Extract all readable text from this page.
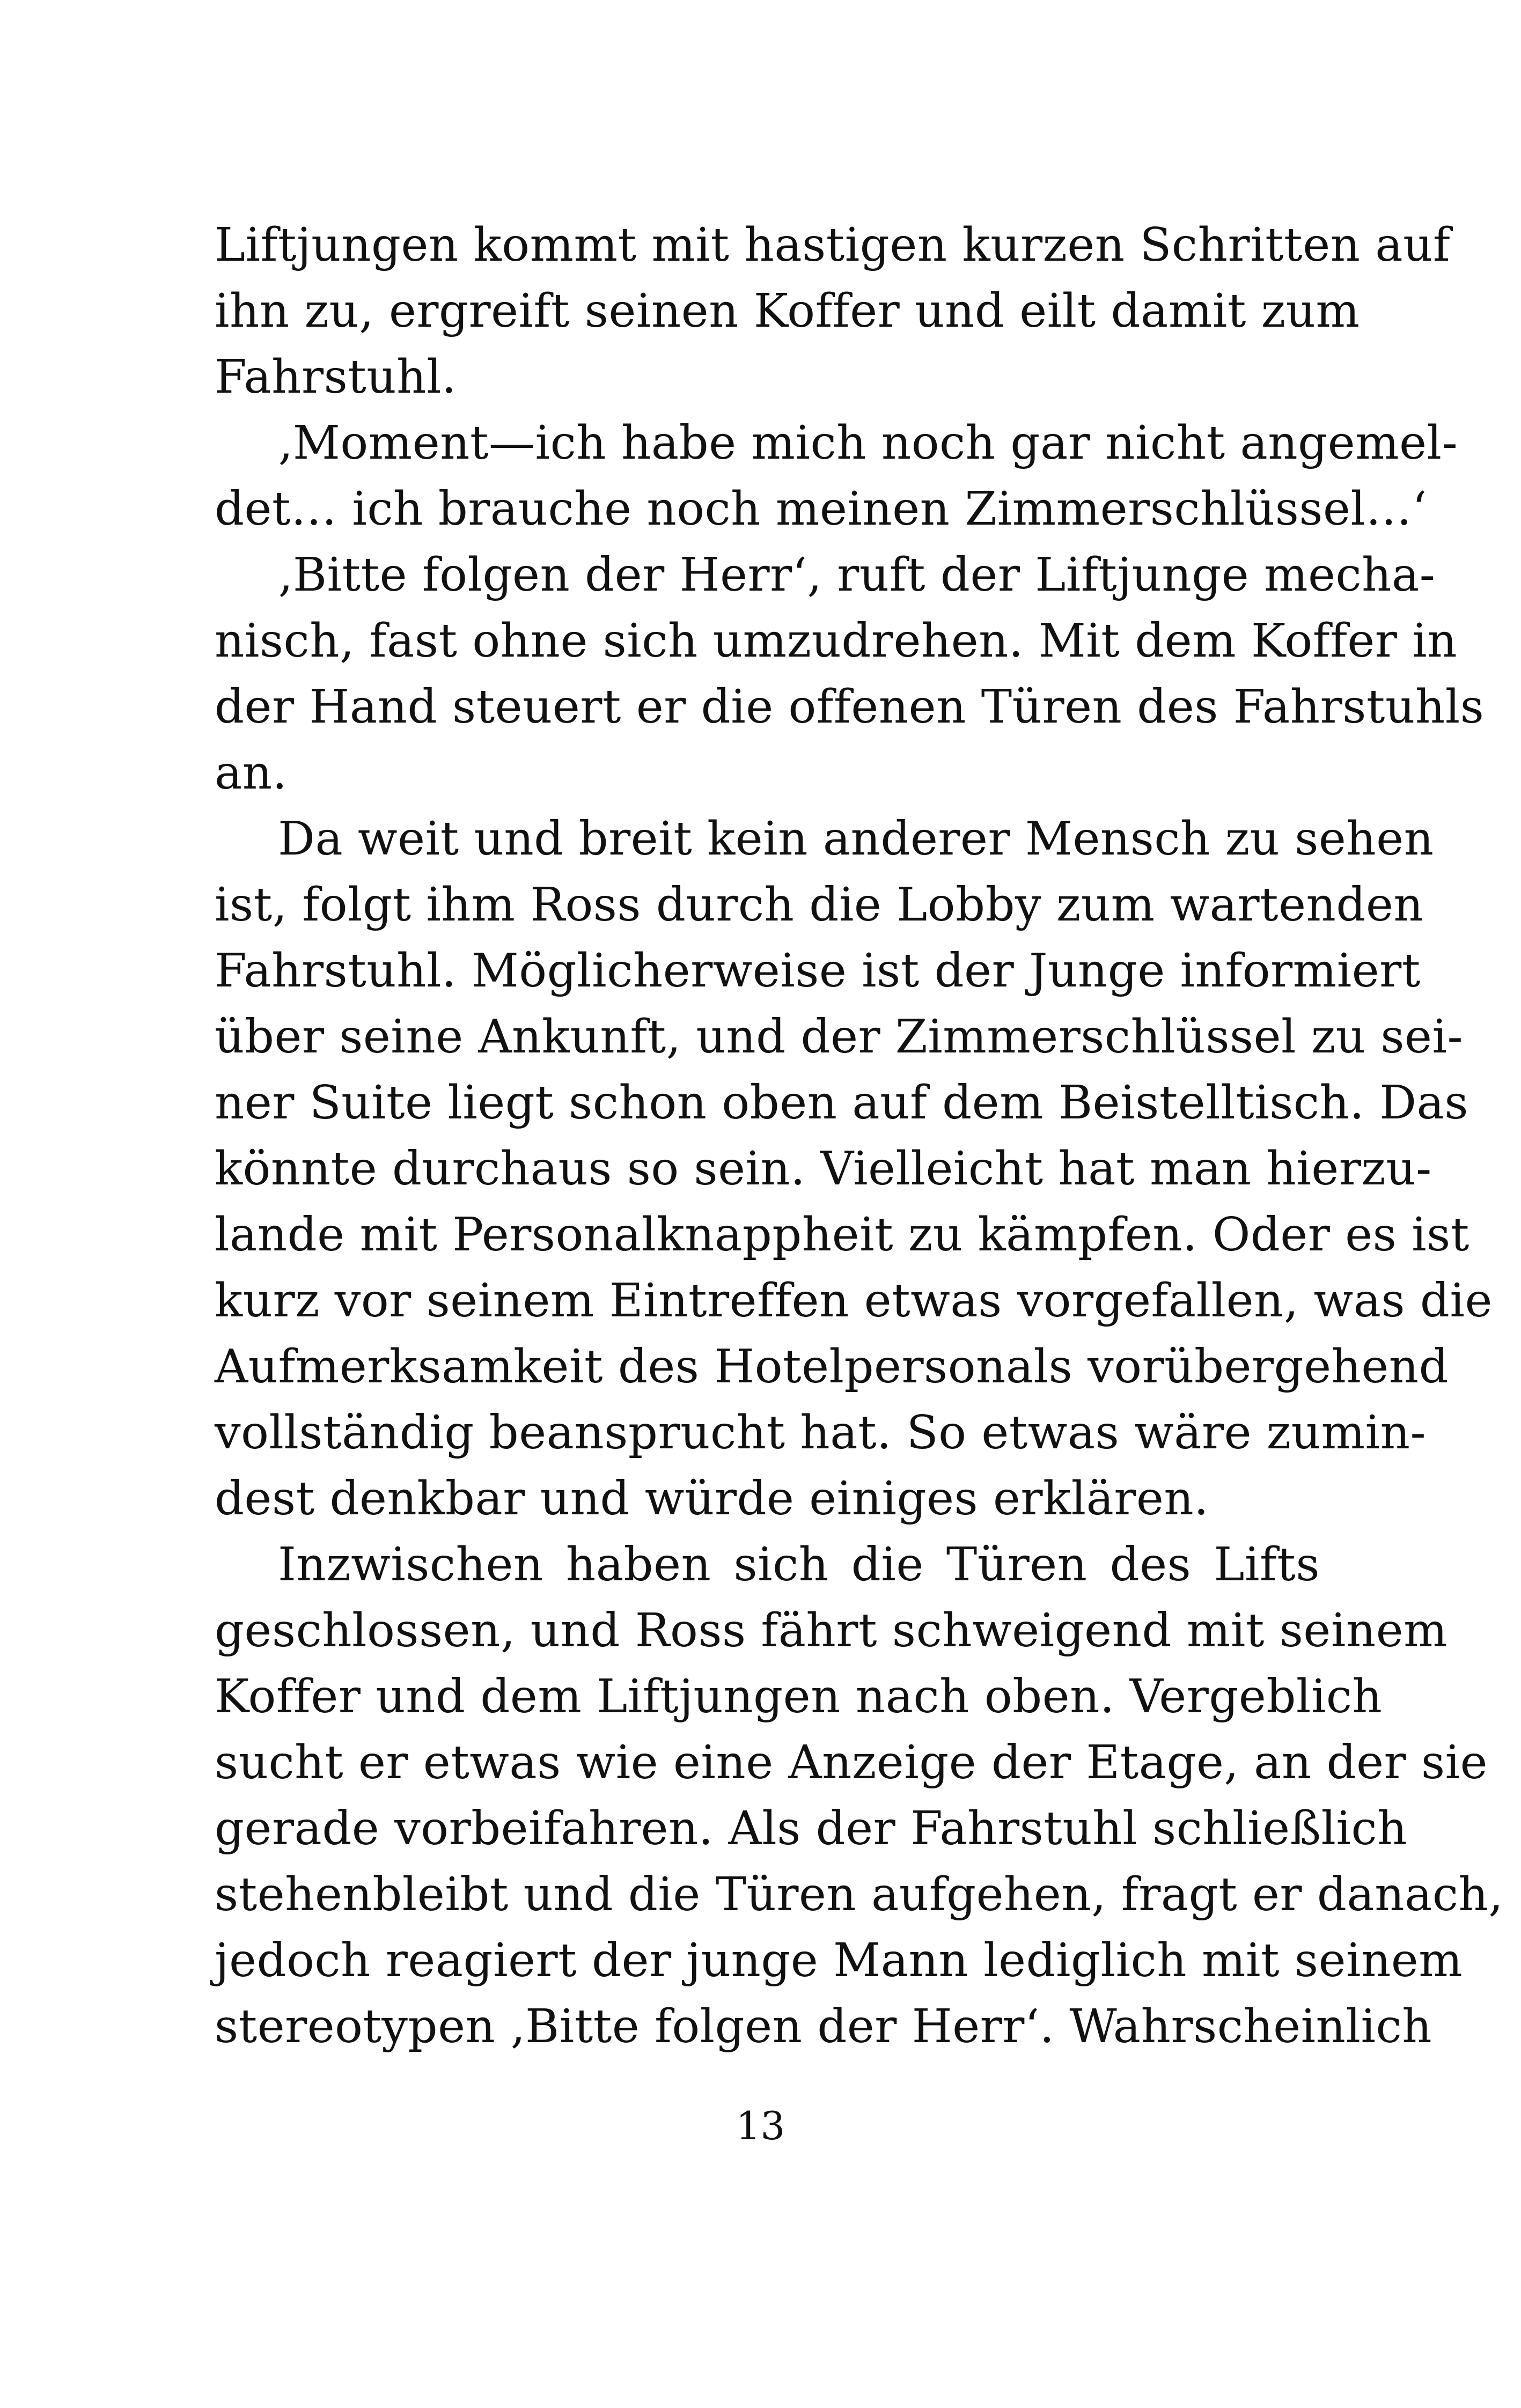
Liftjungen kommt mit hastigen kurzen Schritten auf
ihn zu, ergreift seinen Koffer und eilt damit zum
Fahrstuhl.
‚Moment—ich habe mich noch gar nicht angemel-
det… ich brauche noch meinen Zimmerschlüssel…‘
‚Bitte folgen der Herr‘, ruft der Liftjunge mecha-
nisch, fast ohne sich umzudrehen. Mit dem Koffer in
der Hand steuert er die offenen Türen des Fahrstuhls
an.
Da weit und breit kein anderer Mensch zu sehen
ist, folgt ihm Ross durch die Lobby zum wartenden
Fahrstuhl. Möglicherweise ist der Junge informiert
über seine Ankunft, und der Zimmerschlüssel zu sei-
ner Suite liegt schon oben auf dem Beistelltisch. Das
könnte durchaus so sein. Vielleicht hat man hierzu-
lande mit Personalknappheit zu kämpfen. Oder es ist
kurz vor seinem Eintreffen etwas vorgefallen, was die
Aufmerksamkeit des Hotelpersonals vorübergehend
vollständig beansprucht hat. So etwas wäre zumin-
dest denkbar und würde einiges erklären.
Inzwischen haben sich die Türen des Lifts
geschlossen, und Ross fährt schweigend mit seinem
Koffer und dem Liftjungen nach oben. Vergeblich
sucht er etwas wie eine Anzeige der Etage, an der sie
gerade vorbeifahren. Als der Fahrstuhl schließlich
stehenbleibt und die Türen aufgehen, fragt er danach,
jedoch reagiert der junge Mann lediglich mit seinem
stereotypen ‚Bitte folgen der Herr‘. Wahrscheinlich
13
